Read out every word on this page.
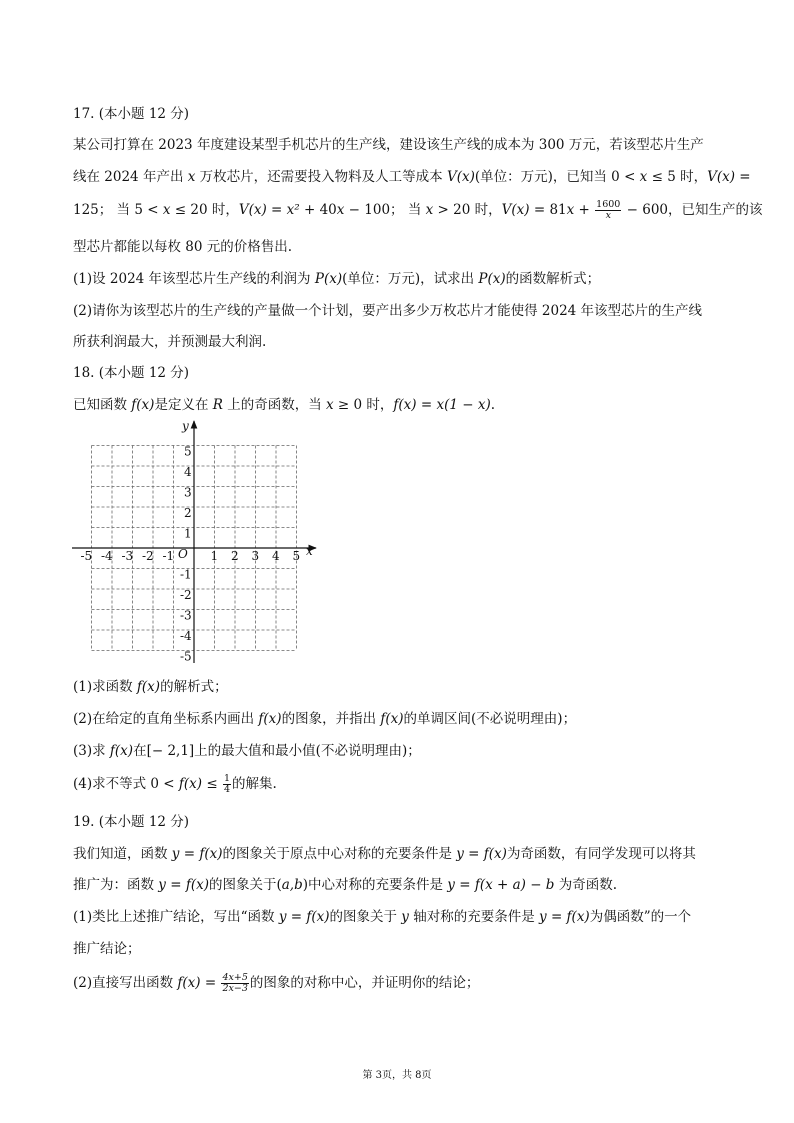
17. (本小题 12 分)
某公司打算在 2023 年度建设某型手机芯片的生产线，建设该生产线的成本为 300 万元，若该型芯片生产
线在 2024 年产出 x 万枚芯片，还需要投入物料及人工等成本 V(x)(单位：万元)，已知当 0 < x ≤ 5 时，V(x) =
125； 当 5 < x ≤ 20 时，V(x) = x² + 40x − 100； 当 x > 20 时，$V(x) = 81x + \frac{1600}{x} - 600$，已知生产的该
型芯片都能以每枚 80 元的价格售出.
(1)设 2024 年该型芯片生产线的利润为 P(x)(单位：万元)，试求出 P(x)的函数解析式；
(2)请你为该型芯片的生产线的产量做一个计划，要产出多少万枚芯片才能使得 2024 年该型芯片的生产线
所获利润最大，并预测最大利润.
18. (本小题 12 分)
已知函数 f(x)是定义在 R 上的奇函数，当 x ≥ 0 时，f(x) = x(1 − x).
x
y
O
-5 -4 -3 -2 -1	1 2 3 4 5
5
4
3
2
1
-1
-2
-3
-4
-5
(1)求函数 f(x)的解析式；
(2)在给定的直角坐标系内画出 f(x)的图象，并指出 f(x)的单调区间(不必说明理由)；
(3)求 f(x)在[− 2,1]上的最大值和最小值(不必说明理由)；
(4)求不等式 $0 < f(x) \le \frac{1}{4}$ 的解集.
19. (本小题 12 分)
我们知道，函数 y = f(x)的图象关于原点中心对称的充要条件是 y = f(x)为奇函数，有同学发现可以将其
推广为：函数 y = f(x)的图象关于(a,b)中心对称的充要条件是 y = f(x + a) − b 为奇函数.
(1)类比上述推广结论，写出“函数 y = f(x)的图象关于 y 轴对称的充要条件是 y = f(x)为偶函数”的一个
推广结论；
(2)直接写出函数 $f(x) = \frac{4x+5}{2x-3}$ 的图象的对称中心，并证明你的结论；
第 3页，共 8页
